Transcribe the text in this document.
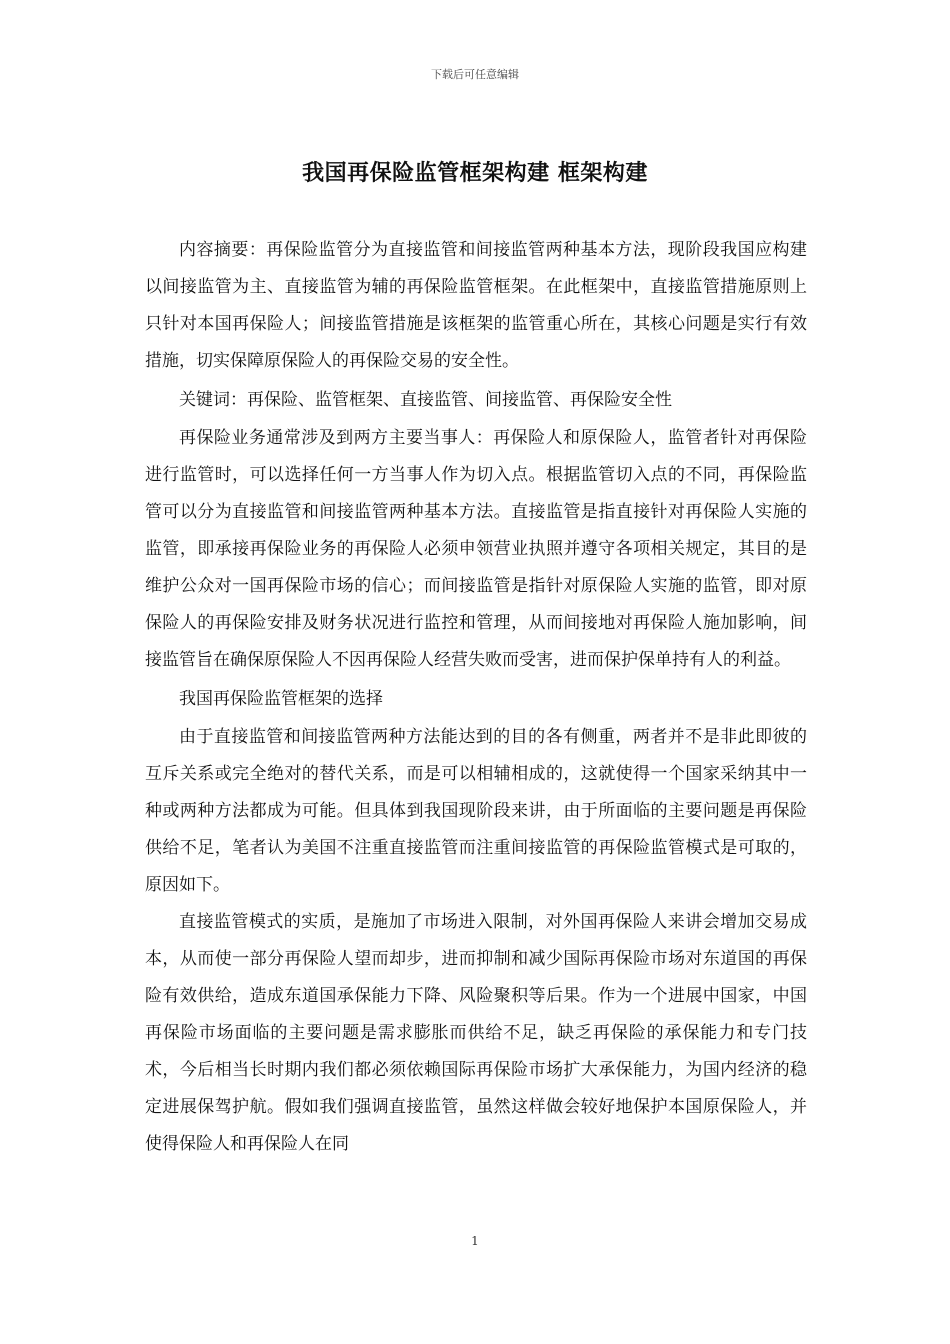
下载后可任意编辑
我国再保险监管框架构建 框架构建

内容摘要：再保险监管分为直接监管和间接监管两种基本方法，现阶段我国应构建以间接监管为主、直接监管为辅的再保险监管框架。在此框架中，直接监管措施原则上只针对本国再保险人；间接监管措施是该框架的监管重心所在，其核心问题是实行有效措施，切实保障原保险人的再保险交易的安全性。

关键词：再保险、监管框架、直接监管、间接监管、再保险安全性

再保险业务通常涉及到两方主要当事人：再保险人和原保险人，监管者针对再保险进行监管时，可以选择任何一方当事人作为切入点。根据监管切入点的不同，再保险监管可以分为直接监管和间接监管两种基本方法。直接监管是指直接针对再保险人实施的监管，即承接再保险业务的再保险人必须申领营业执照并遵守各项相关规定，其目的是维护公众对一国再保险市场的信心；而间接监管是指针对原保险人实施的监管，即对原保险人的再保险安排及财务状况进行监控和管理，从而间接地对再保险人施加影响，间接监管旨在确保原保险人不因再保险人经营失败而受害，进而保护保单持有人的利益。

我国再保险监管框架的选择

由于直接监管和间接监管两种方法能达到的目的各有侧重，两者并不是非此即彼的互斥关系或完全绝对的替代关系，而是可以相辅相成的，这就使得一个国家采纳其中一种或两种方法都成为可能。但具体到我国现阶段来讲，由于所面临的主要问题是再保险供给不足，笔者认为美国不注重直接监管而注重间接监管的再保险监管模式是可取的，原因如下。

直接监管模式的实质，是施加了市场进入限制，对外国再保险人来讲会增加交易成本，从而使一部分再保险人望而却步，进而抑制和减少国际再保险市场对东道国的再保险有效供给，造成东道国承保能力下降、风险聚积等后果。作为一个进展中国家，中国再保险市场面临的主要问题是需求膨胀而供给不足，缺乏再保险的承保能力和专门技术，今后相当长时期内我们都必须依赖国际再保险市场扩大承保能力，为国内经济的稳定进展保驾护航。假如我们强调直接监管，虽然这样做会较好地保护本国原保险人，并使得保险人和再保险人在同

1
